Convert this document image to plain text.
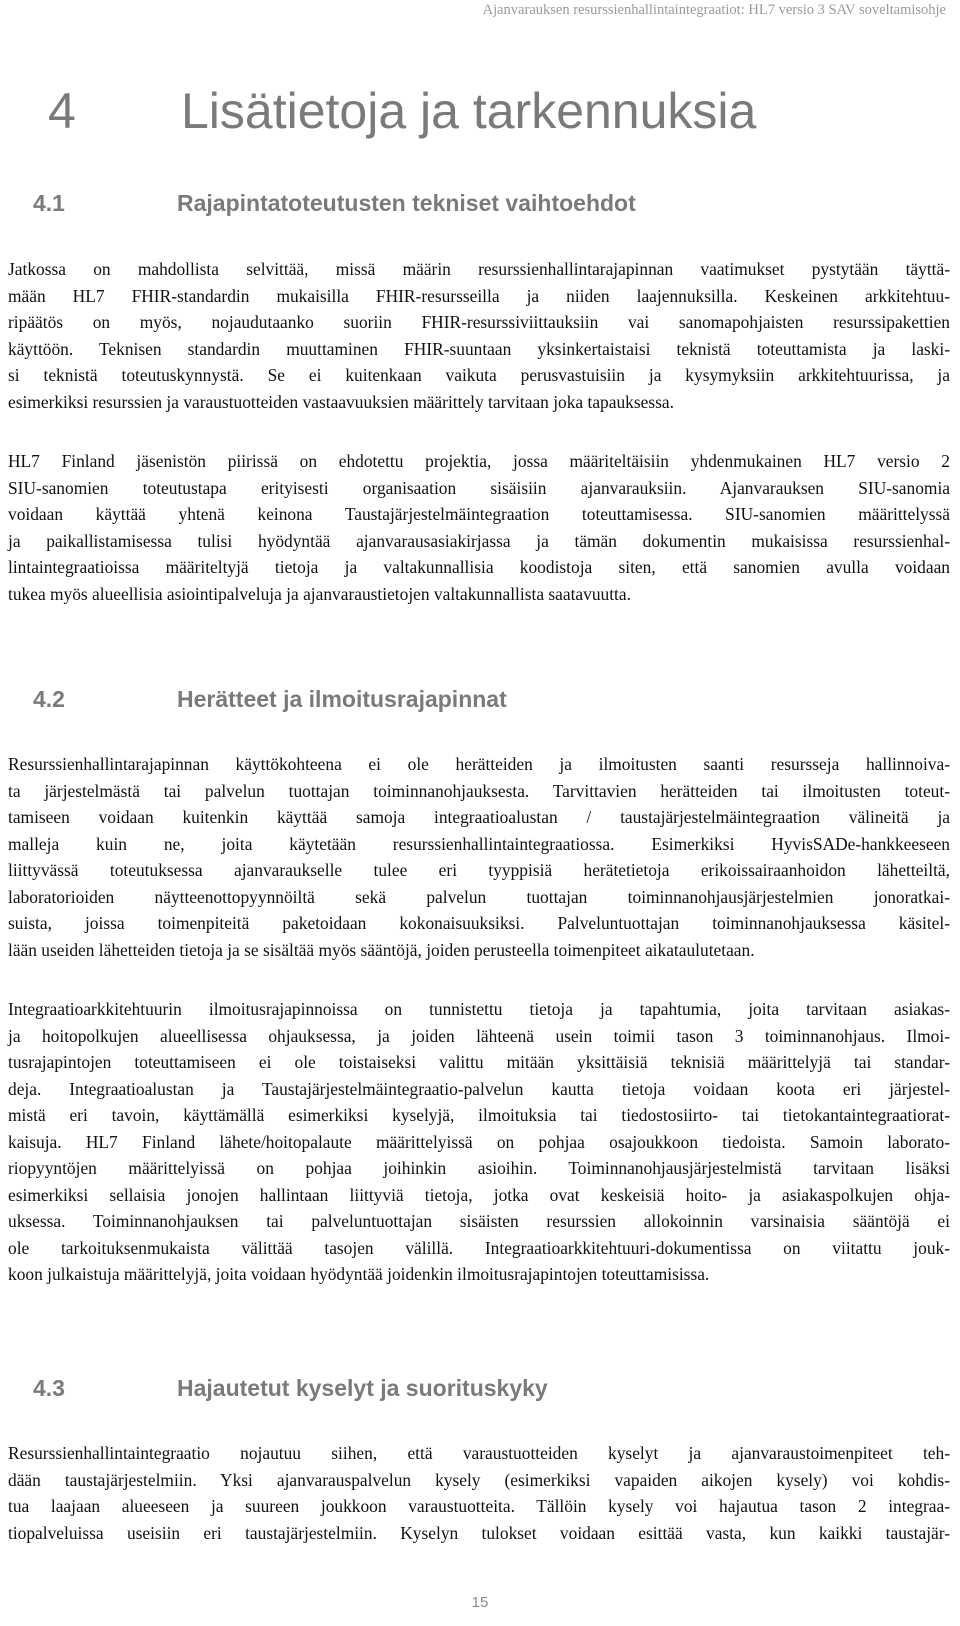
Ajanvarauksen resurssienhallintaintegraatiot: HL7 versio 3 SAV soveltamisohje
4 Lisätietoja ja tarkennuksia
4.1	Rajapintatoteutusten tekniset vaihtoehdot
Jatkossa on mahdollista selvittää, missä määrin resurssienhallintarajapinnan vaatimukset pystytään täyttä-
mään HL7 FHIR-standardin mukaisilla FHIR-resursseilla ja niiden laajennuksilla. Keskeinen arkkitehtuu-
ripäätös on myös, nojaudutaanko suoriin FHIR-resurssiviittauksiin vai sanomapohjaisten resurssipakettien
käyttöön. Teknisen standardin muuttaminen FHIR-suuntaan yksinkertaistaisi teknistä toteuttamista ja laski-
si teknistä toteutuskynnystä. Se ei kuitenkaan vaikuta perusvastuisiin ja kysymyksiin arkkitehtuurissa, ja
esimerkiksi resurssien ja varaustuotteiden vastaavuuksien määrittely tarvitaan joka tapauksessa.
HL7 Finland jäsenistön piirissä on ehdotettu projektia, jossa määriteltäisiin yhdenmukainen HL7 versio 2
SIU-sanomien toteutustapa erityisesti organisaation sisäisiin ajanvarauksiin. Ajanvarauksen SIU-sanomia
voidaan käyttää yhtenä keinona Taustajärjestelmäintegraation toteuttamisessa. SIU-sanomien määrittelyssä
ja paikallistamisessa tulisi hyödyntää ajanvarausasiakirjassa ja tämän dokumentin mukaisissa resurssienhal-
lintaintegraatioissa määriteltyjä tietoja ja valtakunnallisia koodistoja siten, että sanomien avulla voidaan
tukea myös alueellisia asiointipalveluja ja ajanvaraustietojen valtakunnallista saatavuutta.
4.2	Herätteet ja ilmoitusrajapinnat
Resurssienhallintarajapinnan käyttökohteena ei ole herätteiden ja ilmoitusten saanti resursseja hallinnoiva-
ta järjestelmästä tai palvelun tuottajan toiminnanohjauksesta. Tarvittavien herätteiden tai ilmoitusten toteut-
tamiseen voidaan kuitenkin käyttää samoja integraatioalustan / taustajärjestelmäintegraation välineitä ja
malleja kuin ne, joita käytetään resurssienhallintaintegraatiossa. Esimerkiksi HyvisSADe-hankkeeseen
liittyvässä toteutuksessa ajanvaraukselle tulee eri tyyppisiä herätetietoja erikoissairaanhoidon lähetteiltä,
laboratorioiden näytteenottopyynnöiltä sekä palvelun tuottajan toiminnanohjausjärjestelmien jonoratkai-
suista, joissa toimenpiteitä paketoidaan kokonaisuuksiksi. Palveluntuottajan toiminnanohjauksessa käsitel-
lään useiden lähetteiden tietoja ja se sisältää myös sääntöjä, joiden perusteella toimenpiteet aikataulutetaan.
Integraatioarkkitehtuurin ilmoitusrajapinnoissa on tunnistettu tietoja ja tapahtumia, joita tarvitaan asiakas-
ja hoitopolkujen alueellisessa ohjauksessa, ja joiden lähteenä usein toimii tason 3 toiminnanohjaus. Ilmoi-
tusrajapintojen toteuttamiseen ei ole toistaiseksi valittu mitään yksittäisiä teknisiä määrittelyjä tai standar-
deja. Integraatioalustan ja Taustajärjestelmäintegraatio-palvelun kautta tietoja voidaan koota eri järjestel-
mistä eri tavoin, käyttämällä esimerkiksi kyselyjä, ilmoituksia tai tiedostosiirto- tai tietokantaintegraatiorat-
kaisuja. HL7 Finland lähete/hoitopalaute määrittelyissä on pohjaa osajoukkoon tiedoista. Samoin laborato-
riopyyntöjen määrittelyissä on pohjaa joihinkin asioihin. Toiminnanohjausjärjestelmistä tarvitaan lisäksi
esimerkiksi sellaisia jonojen hallintaan liittyviä tietoja, jotka ovat keskeisiä hoito- ja asiakaspolkujen ohja-
uksessa. Toiminnanohjauksen tai palveluntuottajan sisäisten resurssien allokoinnin varsinaisia sääntöjä ei
ole tarkoituksenmukaista välittää tasojen välillä. Integraatioarkkitehtuuri-dokumentissa on viitattu jouk-
koon julkaistuja määrittelyjä, joita voidaan hyödyntää joidenkin ilmoitusrajapintojen toteuttamisissa.
4.3	Hajautetut kyselyt ja suorituskyky
Resurssienhallintaintegraatio nojautuu siihen, että varaustuotteiden kyselyt ja ajanvaraustoimenpiteet teh-
dään taustajärjestelmiin. Yksi ajanvarauspalvelun kysely (esimerkiksi vapaiden aikojen kysely) voi kohdis-
tua laajaan alueeseen ja suureen joukkoon varaustuotteita. Tällöin kysely voi hajautua tason 2 integraa-
tiopalveluissa useisiin eri taustajärjestelmiin. Kyselyn tulokset voidaan esittää vasta, kun kaikki taustajär-
15
